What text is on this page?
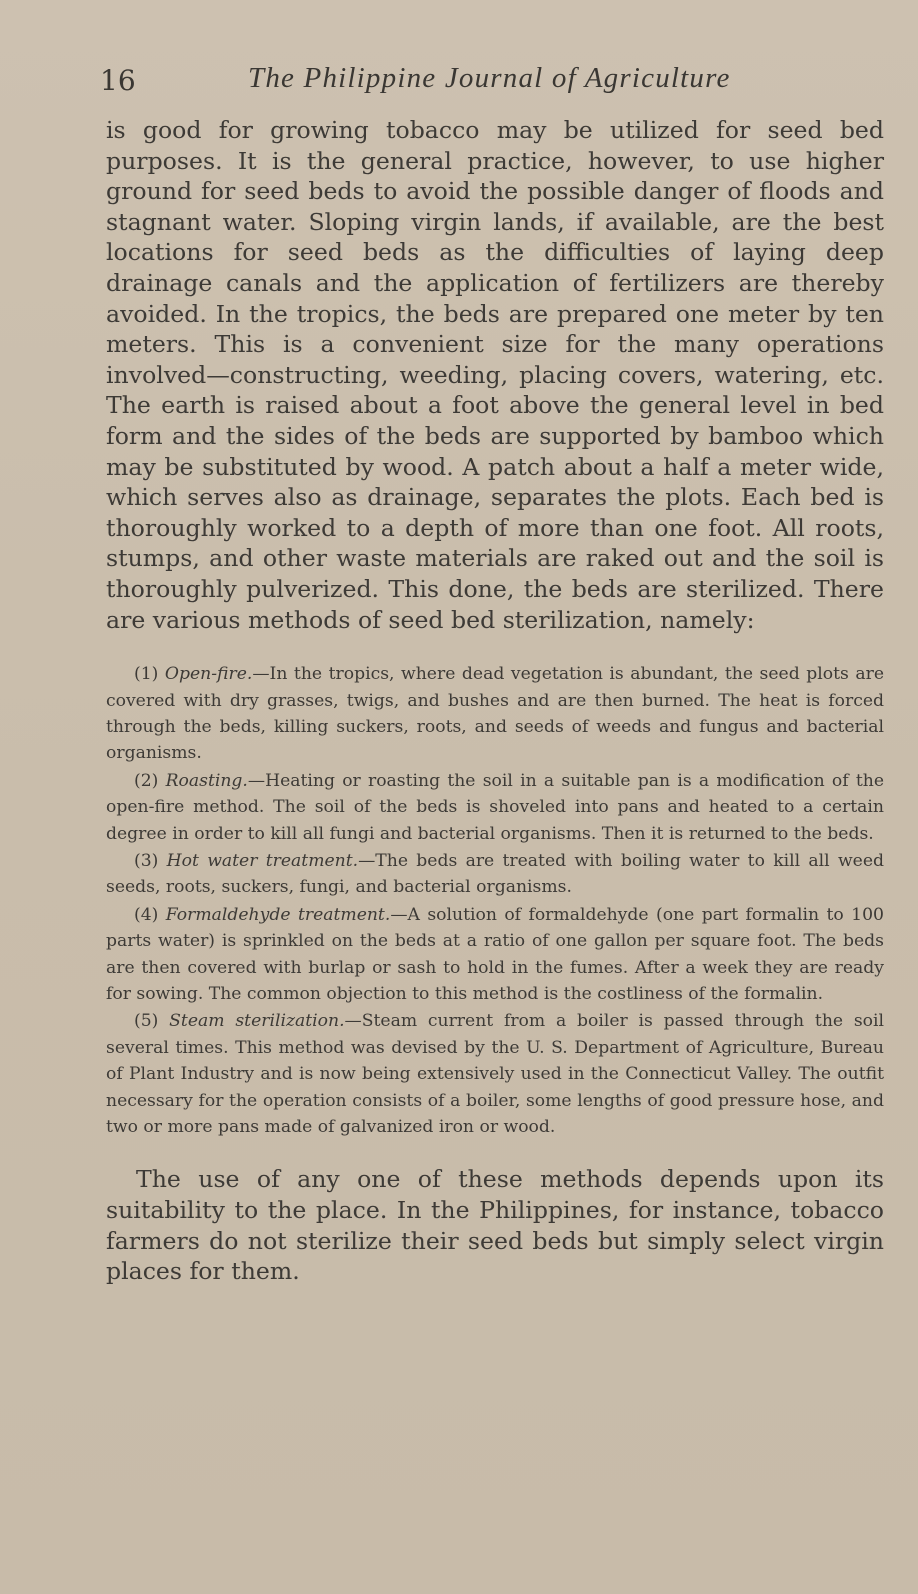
16	The Philippine Journal of Agriculture

is good for growing tobacco may be utilized for seed bed purposes. It is the general practice, however, to use higher ground for seed beds to avoid the possible danger of floods and stagnant water. Sloping virgin lands, if available, are the best locations for seed beds as the difficulties of laying deep drainage canals and the application of fertilizers are thereby avoided. In the tropics, the beds are prepared one meter by ten meters. This is a convenient size for the many operations involved—constructing, weeding, placing covers, watering, etc. The earth is raised about a foot above the general level in bed form and the sides of the beds are supported by bamboo which may be substituted by wood. A patch about a half a meter wide, which serves also as drainage, separates the plots. Each bed is thoroughly worked to a depth of more than one foot. All roots, stumps, and other waste materials are raked out and the soil is thoroughly pulverized. This done, the beds are sterilized. There are various methods of seed bed sterilization, namely:

(1) Open-fire.—In the tropics, where dead vegetation is abundant, the seed plots are covered with dry grasses, twigs, and bushes and are then burned. The heat is forced through the beds, killing suckers, roots, and seeds of weeds and fungus and bacterial organisms.

(2) Roasting.—Heating or roasting the soil in a suitable pan is a modification of the open-fire method. The soil of the beds is shoveled into pans and heated to a certain degree in order to kill all fungi and bacterial organisms. Then it is returned to the beds.

(3) Hot water treatment.—The beds are treated with boiling water to kill all weed seeds, roots, suckers, fungi, and bacterial organisms.

(4) Formaldehyde treatment.—A solution of formaldehyde (one part formalin to 100 parts water) is sprinkled on the beds at a ratio of one gallon per square foot. The beds are then covered with burlap or sash to hold in the fumes. After a week they are ready for sowing. The common objection to this method is the costliness of the formalin.

(5) Steam sterilization.—Steam current from a boiler is passed through the soil several times. This method was devised by the U. S. Department of Agriculture, Bureau of Plant Industry and is now being extensively used in the Connecticut Valley. The outfit necessary for the operation consists of a boiler, some lengths of good pressure hose, and two or more pans made of galvanized iron or wood.

The use of any one of these methods depends upon its suitability to the place. In the Philippines, for instance, tobacco farmers do not sterilize their seed beds but simply select virgin places for them.
